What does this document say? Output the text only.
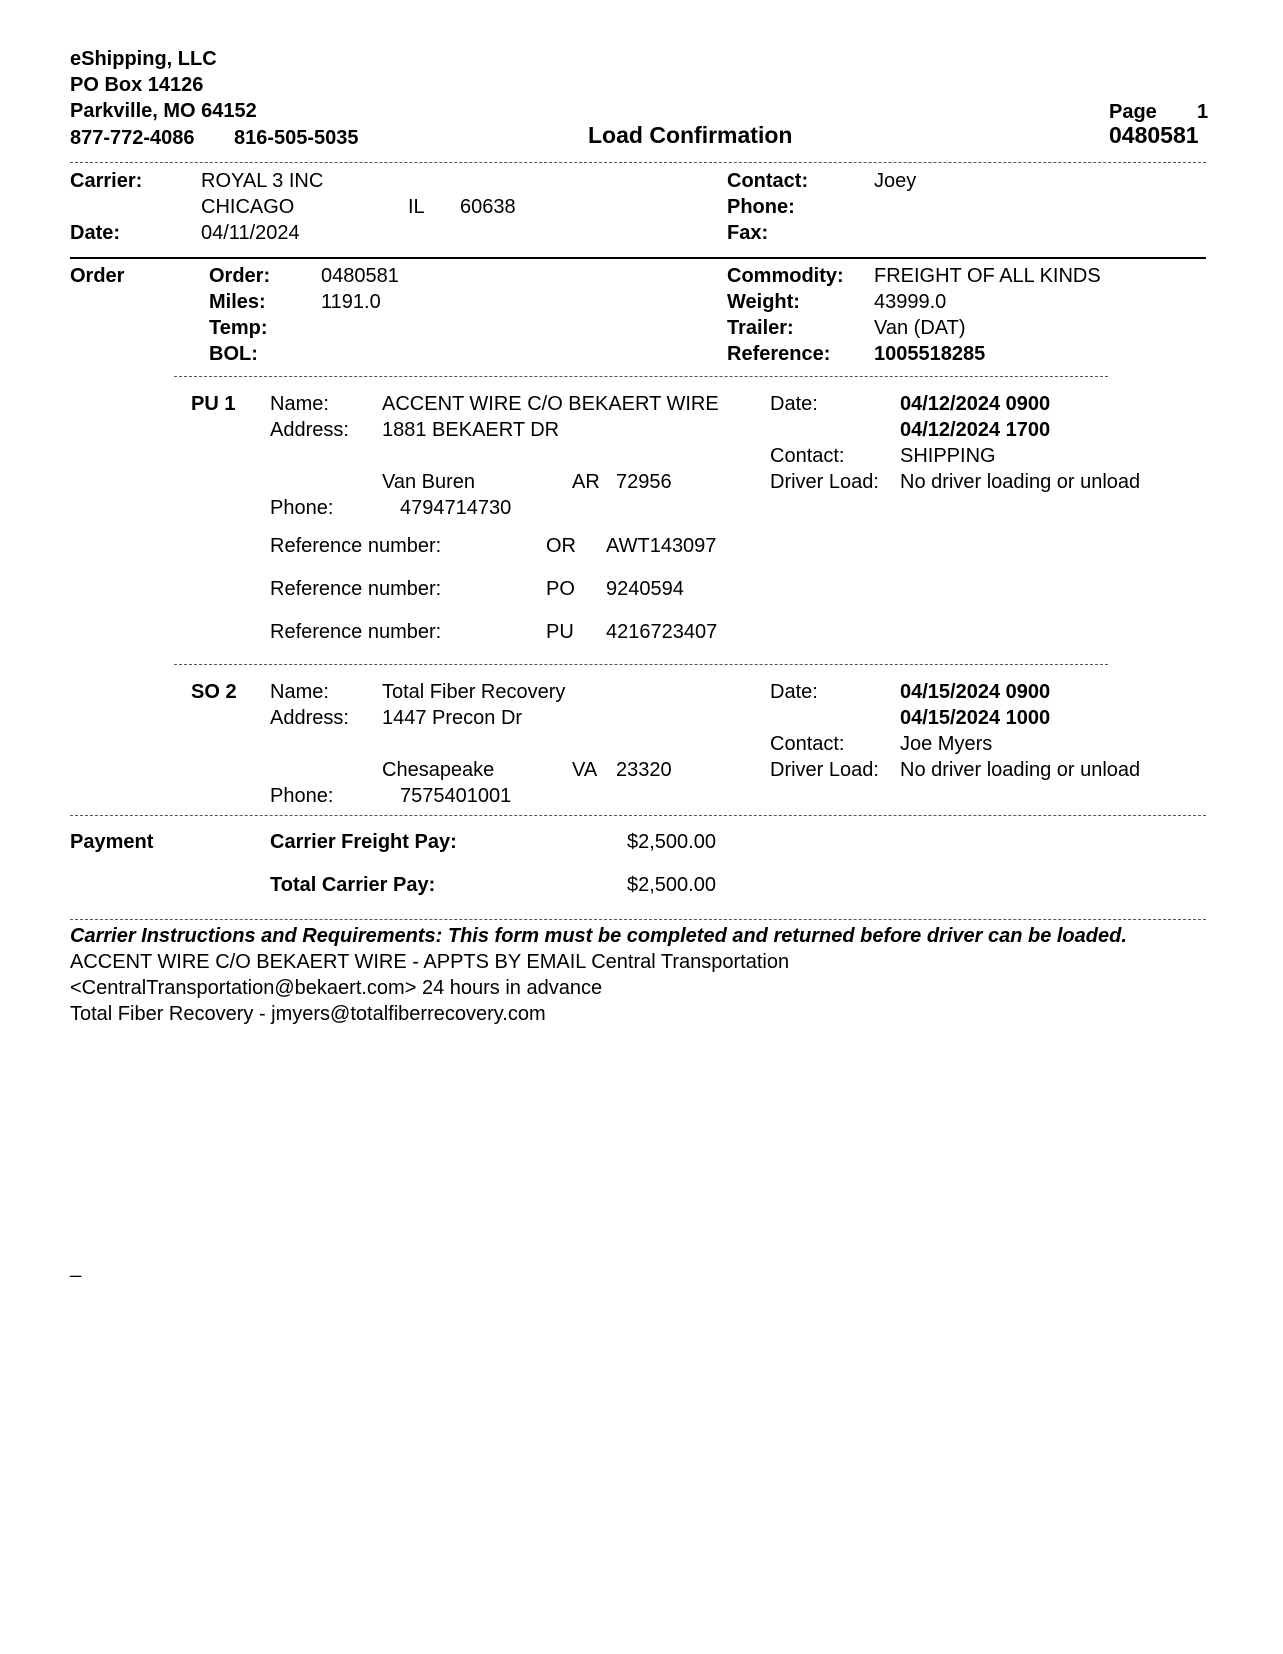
eShipping, LLC
PO Box 14126
Parkville, MO 64152
877-772-4086 816-505-5035	Load Confirmation
Page 1
0480581
Carrier:	ROYAL 3 INC
CHICAGO	IL 60638
Date:	04/11/2024
Contact:	Joey
Phone:
Fax:
Order	Order:	0480581
Miles:	1191.0
Temp:
BOL:
Commodity: FREIGHT OF ALL KINDS
Weight:	43999.0
Trailer:	Van (DAT)
Reference: 1005518285
PU 1 Name:	ACCENT WIRE C/O BEKAERT WIRE
Address: 1881 BEKAERT DR
Van Buren	AR 72956
Phone:	4794714730
Date:	04/12/2024 0900
04/12/2024 1700
Contact:	SHIPPING
Driver Load: No driver loading or unload
Reference number:	OR AWT143097
Reference number:	PO 9240594
Reference number:	PU 4216723407
SO 2 Name:	Total Fiber Recovery
Address: 1447 Precon Dr
Chesapeake	VA 23320
Phone:	7575401001
Date:	04/15/2024 0900
04/15/2024 1000
Contact:	Joe Myers
Driver Load: No driver loading or unload
Payment	Carrier Freight Pay:	$2,500.00
Total Carrier Pay:	$2,500.00
Carrier Instructions and Requirements: This form must be completed and returned before driver can be loaded.
ACCENT WIRE C/O BEKAERT WIRE - APPTS BY EMAIL Central Transportation
<CentralTransportation@bekaert.com> 24 hours in advance
Total Fiber Recovery - jmyers@totalfiberrecovery.com
_
